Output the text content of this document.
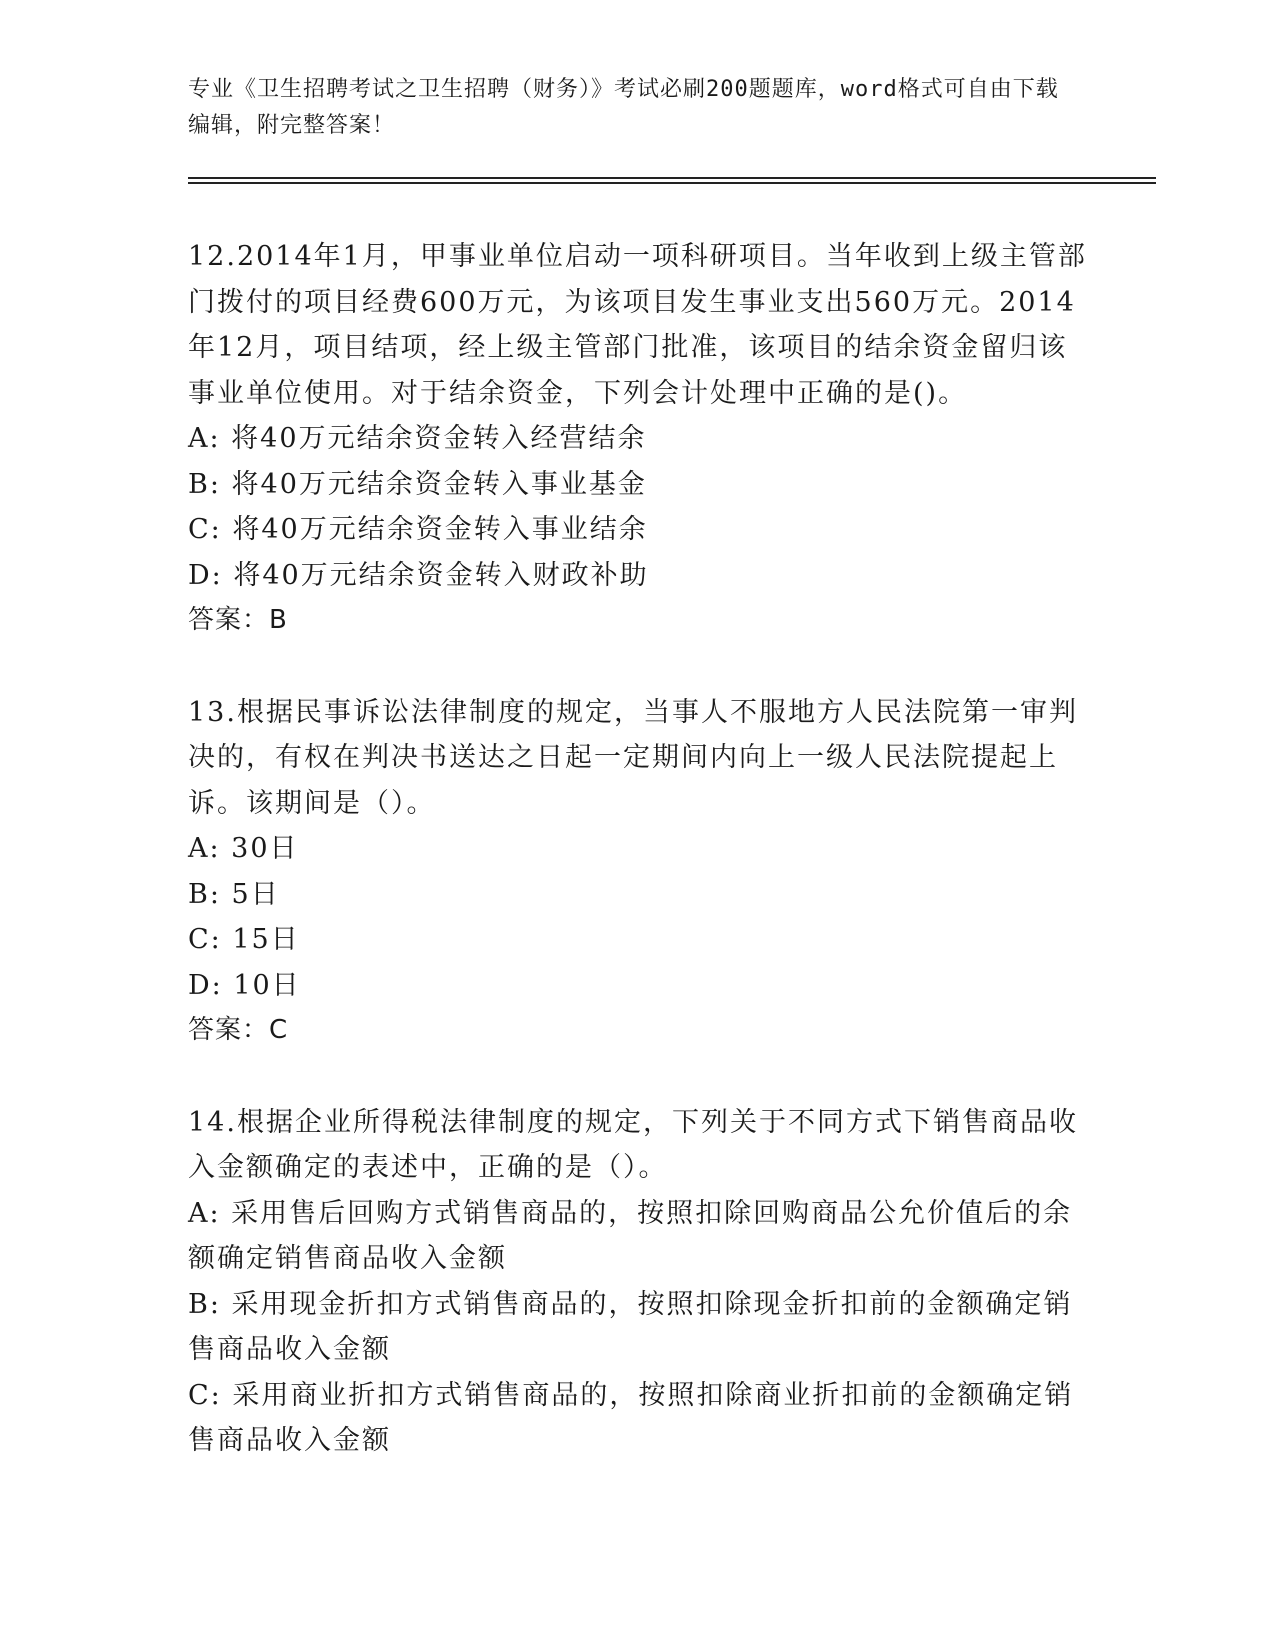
专业《卫生招聘考试之卫生招聘（财务）》考试必刷200题题库，word格式可自由下载编辑，附完整答案！

12.2014年1月，甲事业单位启动一项科研项目。当年收到上级主管部门拨付的项目经费600万元，为该项目发生事业支出560万元。2014年12月，项目结项，经上级主管部门批准，该项目的结余资金留归该事业单位使用。对于结余资金，下列会计处理中正确的是()。

A: 将40万元结余资金转入经营结余

B: 将40万元结余资金转入事业基金

C: 将40万元结余资金转入事业结余

D: 将40万元结余资金转入财政补助

答案：B

13.根据民事诉讼法律制度的规定，当事人不服地方人民法院第一审判决的，有权在判决书送达之日起一定期间内向上一级人民法院提起上诉。该期间是（）。

A: 30日

B: 5日

C: 15日

D: 10日

答案：C

14.根据企业所得税法律制度的规定，下列关于不同方式下销售商品收入金额确定的表述中，正确的是（）。

A: 采用售后回购方式销售商品的，按照扣除回购商品公允价值后的余额确定销售商品收入金额

B: 采用现金折扣方式销售商品的，按照扣除现金折扣前的金额确定销售商品收入金额

C: 采用商业折扣方式销售商品的，按照扣除商业折扣前的金额确定销售商品收入金额
